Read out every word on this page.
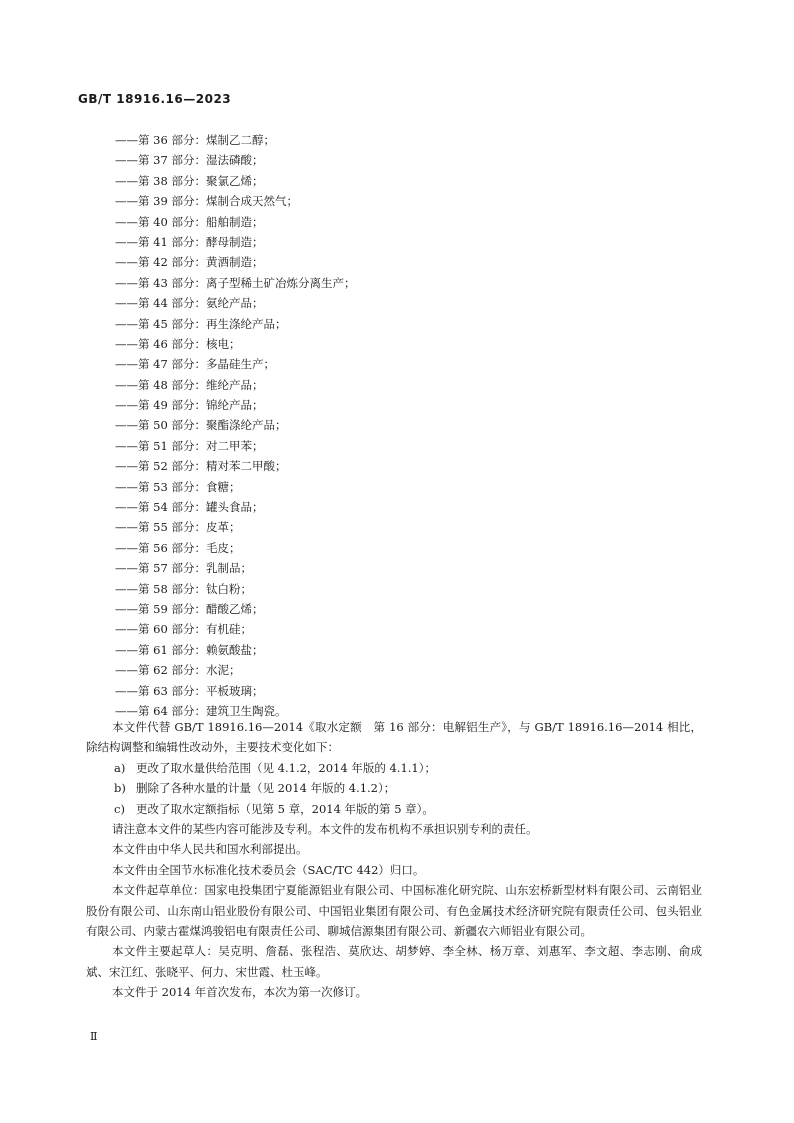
GB/T 18916.16—2023
——第 36 部分：煤制乙二醇；
——第 37 部分：湿法磷酸；
——第 38 部分：聚氯乙烯；
——第 39 部分：煤制合成天然气；
——第 40 部分：船舶制造；
——第 41 部分：酵母制造；
——第 42 部分：黄酒制造；
——第 43 部分：离子型稀土矿冶炼分离生产；
——第 44 部分：氨纶产品；
——第 45 部分：再生涤纶产品；
——第 46 部分：核电；
——第 47 部分：多晶硅生产；
——第 48 部分：维纶产品；
——第 49 部分：锦纶产品；
——第 50 部分：聚酯涤纶产品；
——第 51 部分：对二甲苯；
——第 52 部分：精对苯二甲酸；
——第 53 部分：食糖；
——第 54 部分：罐头食品；
——第 55 部分：皮革；
——第 56 部分：毛皮；
——第 57 部分：乳制品；
——第 58 部分：钛白粉；
——第 59 部分：醋酸乙烯；
——第 60 部分：有机硅；
——第 61 部分：赖氨酸盐；
——第 62 部分：水泥；
——第 63 部分：平板玻璃；
——第 64 部分：建筑卫生陶瓷。

本文件代替 GB/T 18916.16—2014《取水定额　第 16 部分：电解铝生产》，与 GB/T 18916.16—2014 相比，除结构调整和编辑性改动外，主要技术变化如下：

a) 更改了取水量供给范围（见 4.1.2，2014 年版的 4.1.1）；

b) 删除了各种水量的计量（见 2014 年版的 4.1.2）；

c) 更改了取水定额指标（见第 5 章，2014 年版的第 5 章）。

请注意本文件的某些内容可能涉及专利。本文件的发布机构不承担识别专利的责任。

本文件由中华人民共和国水利部提出。

本文件由全国节水标准化技术委员会（SAC/TC 442）归口。

本文件起草单位：国家电投集团宁夏能源铝业有限公司、中国标准化研究院、山东宏桥新型材料有限公司、云南铝业股份有限公司、山东南山铝业股份有限公司、中国铝业集团有限公司、有色金属技术经济研究院有限责任公司、包头铝业有限公司、内蒙古霍煤鸿骏铝电有限责任公司、聊城信源集团有限公司、新疆农六师铝业有限公司。

本文件主要起草人：吴克明、詹磊、张程浩、莫欣达、胡梦婷、李全林、杨万章、刘惠军、李文超、李志刚、俞成斌、宋江红、张晓平、何力、宋世霞、杜玉峰。

本文件于 2014 年首次发布，本次为第一次修订。

Ⅱ
